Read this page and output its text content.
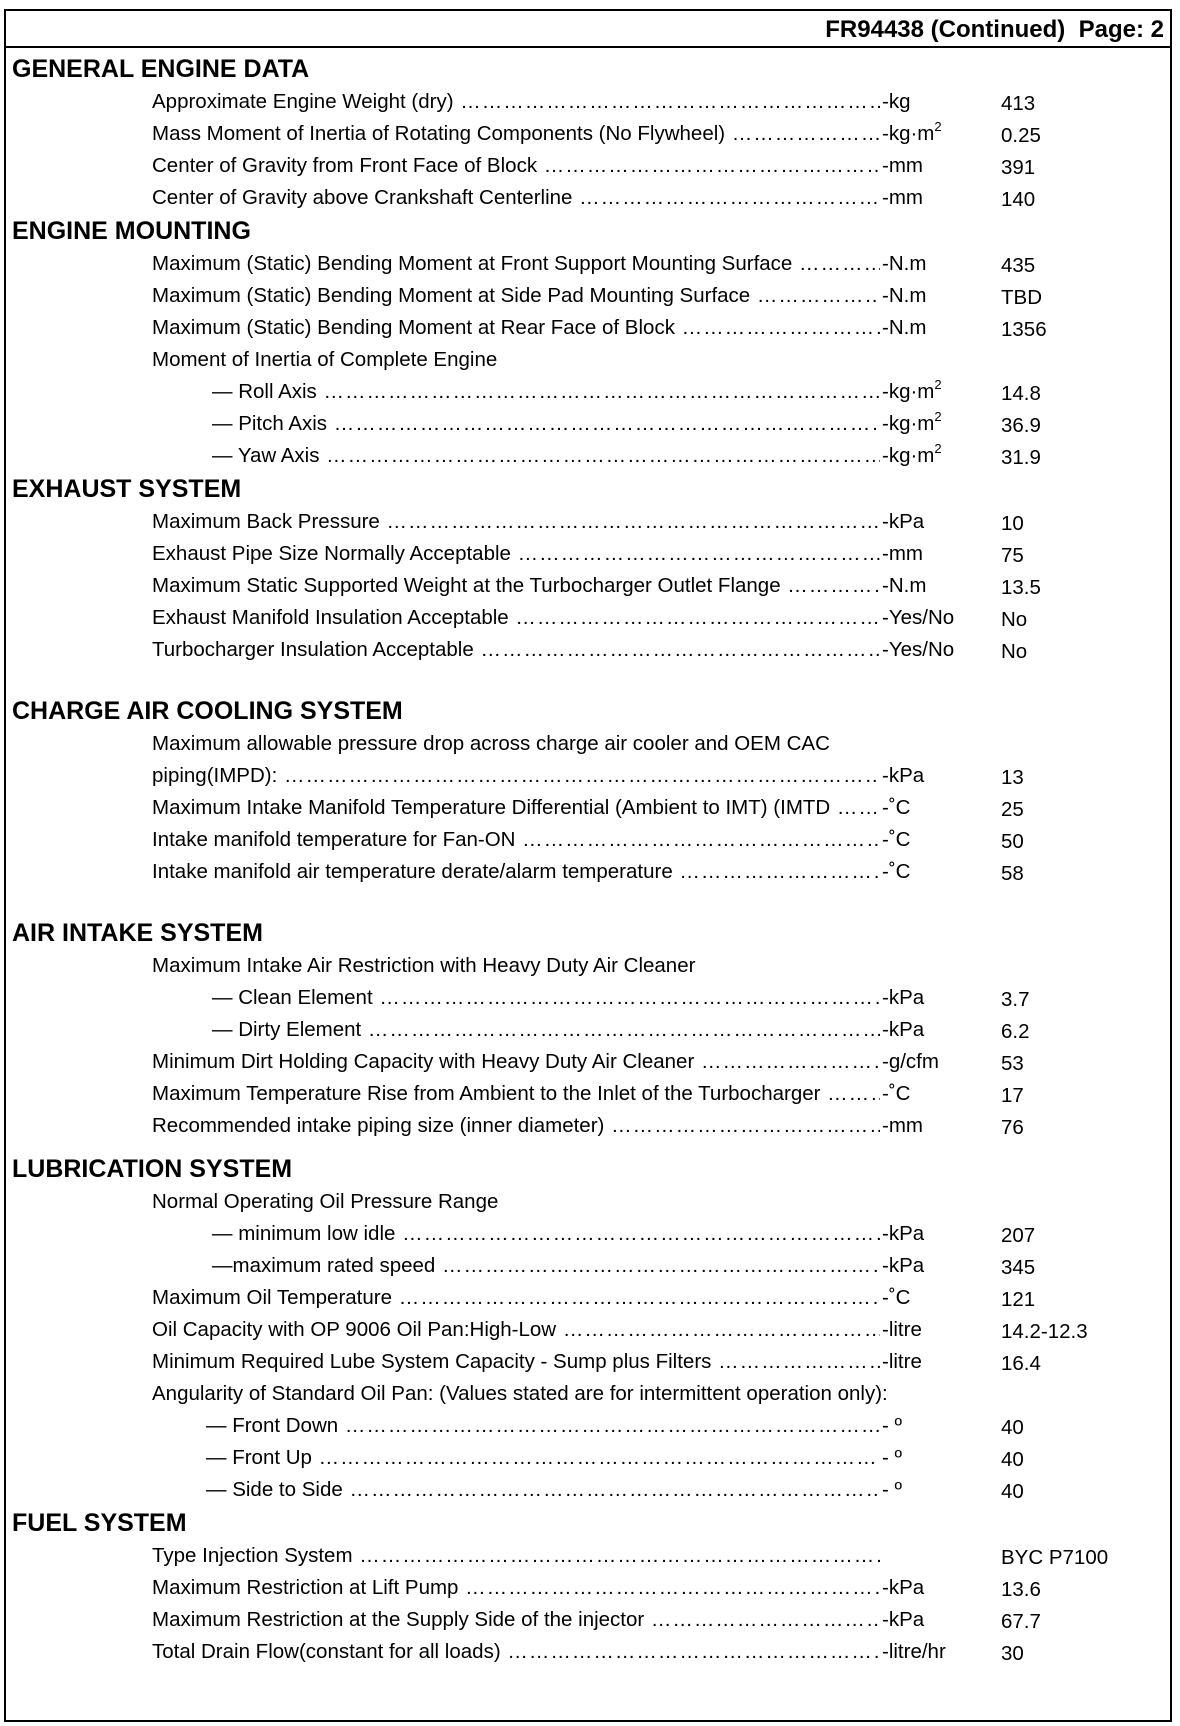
FR94438 (Continued)  Page: 2
GENERAL ENGINE DATA
Approximate Engine Weight (dry) ……………………………………………………………………………………………………………………………………………………	-kg	413
Mass Moment of Inertia of Rotating Components (No Flywheel) ……………………………………………………………………………………………………………………………………………………	$-kg\cdot m^2$	0.25
Center of Gravity from Front Face of Block ……………………………………………………………………………………………………………………………………………………	-mm	391
Center of Gravity above Crankshaft Centerline ……………………………………………………………………………………………………………………………………………………	-mm	140
ENGINE MOUNTING
Maximum (Static) Bending Moment at Front Support Mounting Surface ……………………………………………………………………………………………………………………………………………………	-N.m	435
Maximum (Static) Bending Moment at Side Pad Mounting Surface ……………………………………………………………………………………………………………………………………………………	-N.m	TBD
Maximum (Static) Bending Moment at Rear Face of Block ……………………………………………………………………………………………………………………………………………………	-N.m	1356
Moment of Inertia of Complete Engine
— Roll Axis ……………………………………………………………………………………………………………………………………………………	$-kg\cdot m^2$	14.8
— Pitch Axis ……………………………………………………………………………………………………………………………………………………	$-kg\cdot m^2$	36.9
— Yaw Axis ……………………………………………………………………………………………………………………………………………………	$-kg\cdot m^2$	31.9
EXHAUST SYSTEM
Maximum Back Pressure ……………………………………………………………………………………………………………………………………………………	-kPa	10
Exhaust Pipe Size Normally Acceptable ……………………………………………………………………………………………………………………………………………………	-mm	75
Maximum Static Supported Weight at the Turbocharger Outlet Flange ……………………………………………………………………………………………………………………………………………………	-N.m	13.5
Exhaust Manifold Insulation Acceptable ……………………………………………………………………………………………………………………………………………………	-Yes/No No
Turbocharger Insulation Acceptable ……………………………………………………………………………………………………………………………………………………	-Yes/No No
CHARGE AIR COOLING SYSTEM
Maximum allowable pressure drop across charge air cooler and OEM CAC
piping(IMPD): ……………………………………………………………………………………………………………………………………………………	-kPa	13
Maximum Intake Manifold Temperature Differential (Ambient to IMT) (IMTD ……………………………………………………………………………………………………………………………………………………	-˚C	25
Intake manifold temperature for Fan-ON ……………………………………………………………………………………………………………………………………………………	-˚C	50
Intake manifold air temperature derate/alarm temperature ……………………………………………………………………………………………………………………………………………………	-˚C	58
AIR INTAKE SYSTEM
Maximum Intake Air Restriction with Heavy Duty Air Cleaner
— Clean Element ……………………………………………………………………………………………………………………………………………………	-kPa	3.7
— Dirty Element ……………………………………………………………………………………………………………………………………………………	-kPa	6.2
Minimum Dirt Holding Capacity with Heavy Duty Air Cleaner ……………………………………………………………………………………………………………………………………………………	-g/cfm	53
Maximum Temperature Rise from Ambient to the Inlet of the Turbocharger ……………………………………………………………………………………………………………………………………………………	-˚C	17
Recommended intake piping size (inner diameter) ……………………………………………………………………………………………………………………………………………………	-mm	76
LUBRICATION SYSTEM
Normal Operating Oil Pressure Range
— minimum low idle ……………………………………………………………………………………………………………………………………………………	-kPa	207
—maximum rated speed ……………………………………………………………………………………………………………………………………………………	-kPa	345
Maximum Oil Temperature ……………………………………………………………………………………………………………………………………………………	-˚C	121
Oil Capacity with OP 9006 Oil Pan:High-Low ……………………………………………………………………………………………………………………………………………………	-litre	14.2-12.3
Minimum Required Lube System Capacity - Sump plus Filters ……………………………………………………………………………………………………………………………………………………	-litre	16.4
Angularity of Standard Oil Pan: (Values stated are for intermittent operation only):
— Front Down ……………………………………………………………………………………………………………………………………………………	- º	40
— Front Up ……………………………………………………………………………………………………………………………………………………	- º	40
— Side to Side ……………………………………………………………………………………………………………………………………………………	- º	40
FUEL SYSTEM
Type Injection System ……………………………………………………………………………………………………………………………………………………	BYC P7100
Maximum Restriction at Lift Pump ……………………………………………………………………………………………………………………………………………………	-kPa	13.6
Maximum Restriction at the Supply Side of the injector ……………………………………………………………………………………………………………………………………………………	-kPa	67.7
Total Drain Flow(constant for all loads) ……………………………………………………………………………………………………………………………………………………	-litre/hr	30
